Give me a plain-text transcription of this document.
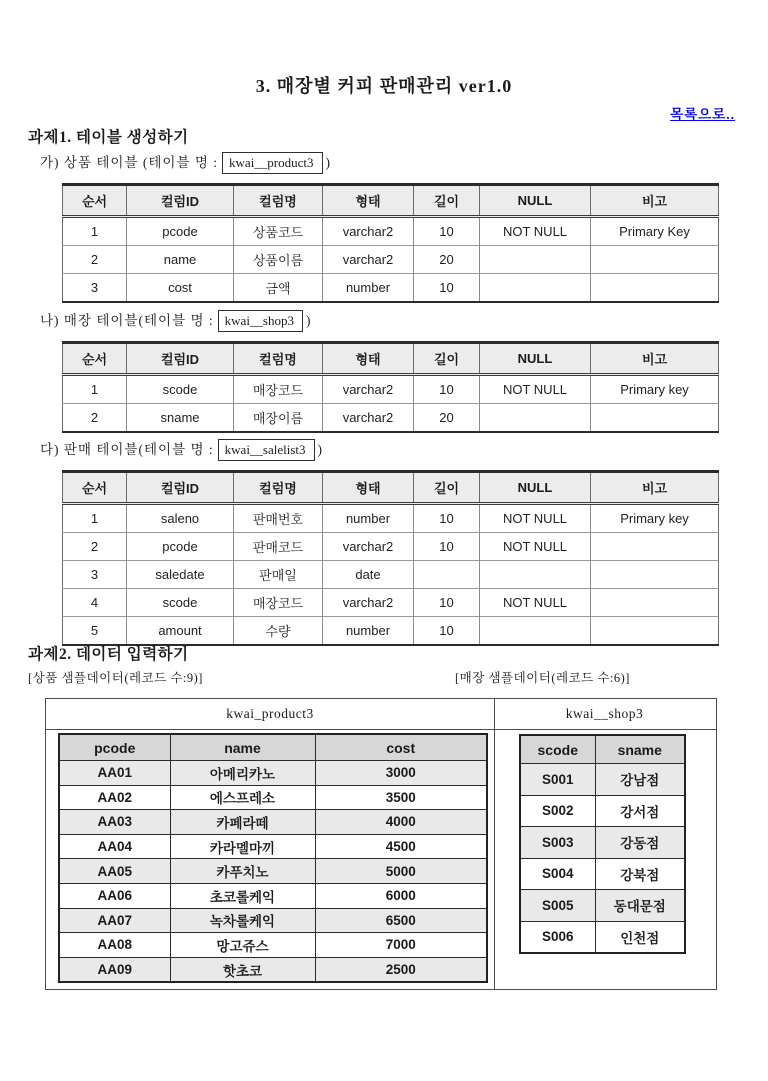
3. 매장별 커피 판매관리 ver1.0
목록으로..
과제1. 테이블 생성하기
가) 상품 테이블 (테이블 명 : kwai__product3 )
순서	컬럼ID	컬럼명	형태	길이	NULL	비고
1	pcode	상품코드	varchar2	10	NOT NULL	Primary Key
2	name	상품이름	varchar2	20		
3	cost	금액	number	10		
나) 매장 테이블(테이블 명 : kwai__shop3 )
순서	컬럼ID	컬럼명	형태	길이	NULL	비고
1	scode	매장코드	varchar2	10	NOT NULL	Primary key
2	sname	매장이름	varchar2	20		
다) 판매 테이블(테이블 명 : kwai__salelist3 )
순서	컬럼ID	컬럼명	형태	길이	NULL	비고
1	saleno	판매번호	number	10	NOT NULL	Primary key
2	pcode	판매코드	varchar2	10	NOT NULL	
3	saledate	판매일	date			
4	scode	매장코드	varchar2	10	NOT NULL	
5	amount	수량	number	10		
과제2. 데이터 입력하기
[상품 샘플데이터(레코드 수:9)]	[매장 샘플데이터(레코드 수:6)]
kwai_product3	kwai__shop3
pcode	name	cost
AA01	아메리카노	3000
AA02	에스프레소	3500
AA03	카페라떼	4000
AA04	카라멜마끼	4500
AA05	카푸치노	5000
AA06	초코롤케익	6000
AA07	녹차롤케익	6500
AA08	망고쥬스	7000
AA09	핫초코	2500
scode	sname
S001	강남점
S002	강서점
S003	강동점
S004	강북점
S005	동대문점
S006	인천점
